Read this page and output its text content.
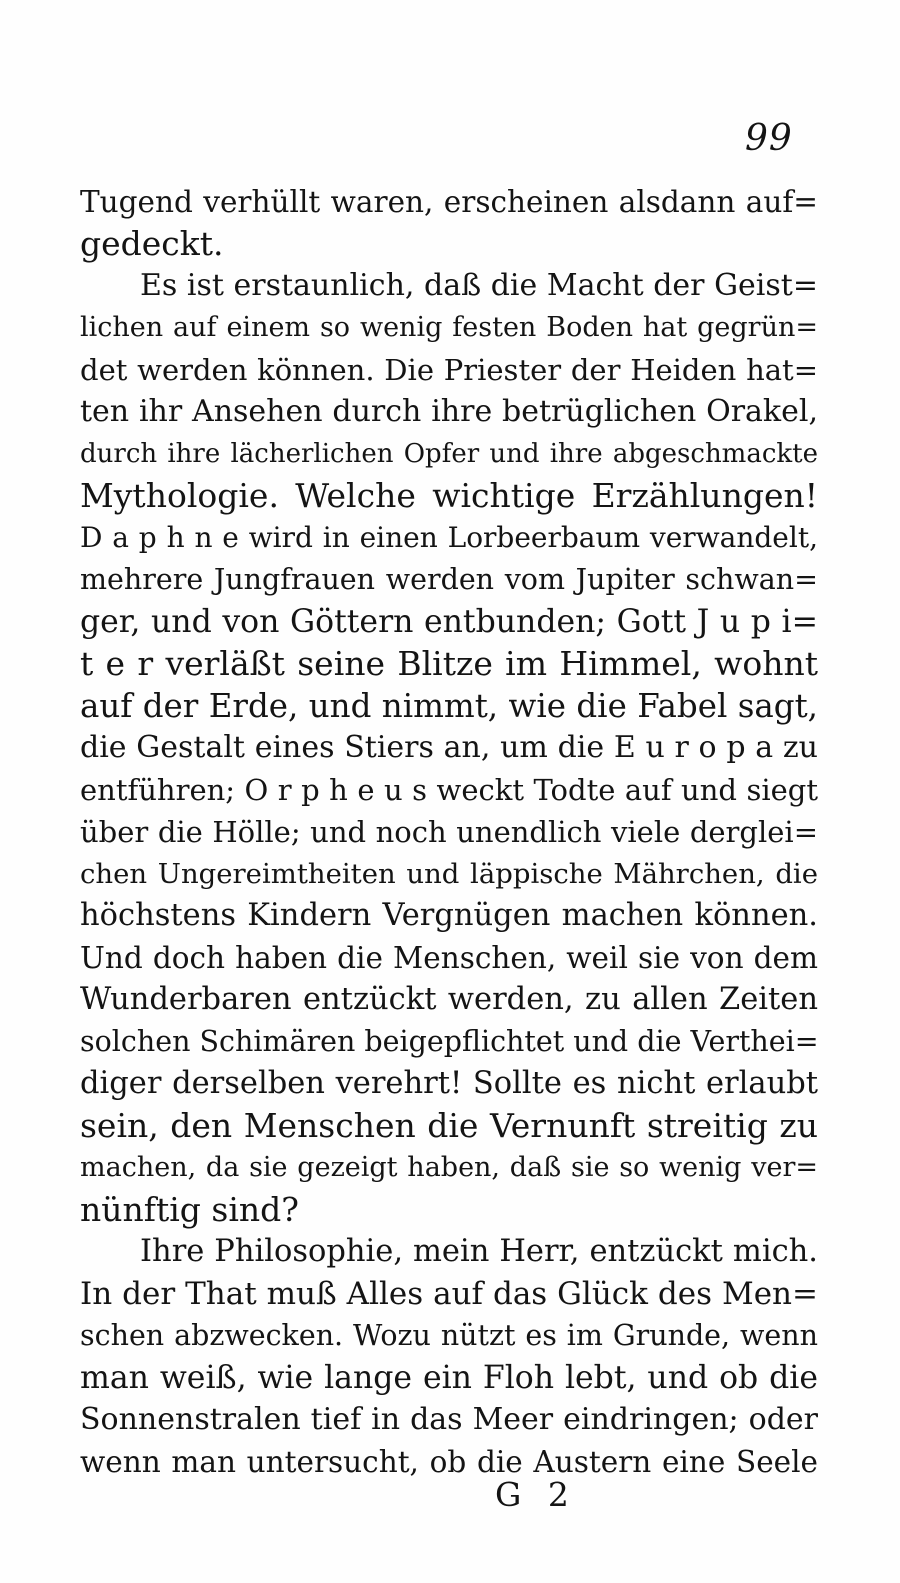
99
Tugend verhüllt waren, erscheinen alsdann auf=
gedeckt.
Es ist erstaunlich, daß die Macht der Geist=
lichen auf einem so wenig festen Boden hat gegrün=
det werden können. Die Priester der Heiden hat=
ten ihr Ansehen durch ihre betrüglichen Orakel,
durch ihre lächerlichen Opfer und ihre abgeschmackte
Mythologie. Welche wichtige Erzählungen!
D a p h n e wird in einen Lorbeerbaum verwandelt,
mehrere Jungfrauen werden vom Jupiter schwan=
ger, und von Göttern entbunden; Gott J u p i=
t e r verläßt seine Blitze im Himmel, wohnt
auf der Erde, und nimmt, wie die Fabel sagt,
die Gestalt eines Stiers an, um die E u r o p a zu
entführen; O r p h e u s weckt Todte auf und siegt
über die Hölle; und noch unendlich viele derglei=
chen Ungereimtheiten und läppische Mährchen, die
höchstens Kindern Vergnügen machen können.
Und doch haben die Menschen, weil sie von dem
Wunderbaren entzückt werden, zu allen Zeiten
solchen Schimären beigepflichtet und die Verthei=
diger derselben verehrt! Sollte es nicht erlaubt
sein, den Menschen die Vernunft streitig zu
machen, da sie gezeigt haben, daß sie so wenig ver=
nünftig sind?
Ihre Philosophie, mein Herr, entzückt mich.
In der That muß Alles auf das Glück des Men=
schen abzwecken. Wozu nützt es im Grunde, wenn
man weiß, wie lange ein Floh lebt, und ob die
Sonnenstralen tief in das Meer eindringen; oder
wenn man untersucht, ob die Austern eine Seele
G 2
